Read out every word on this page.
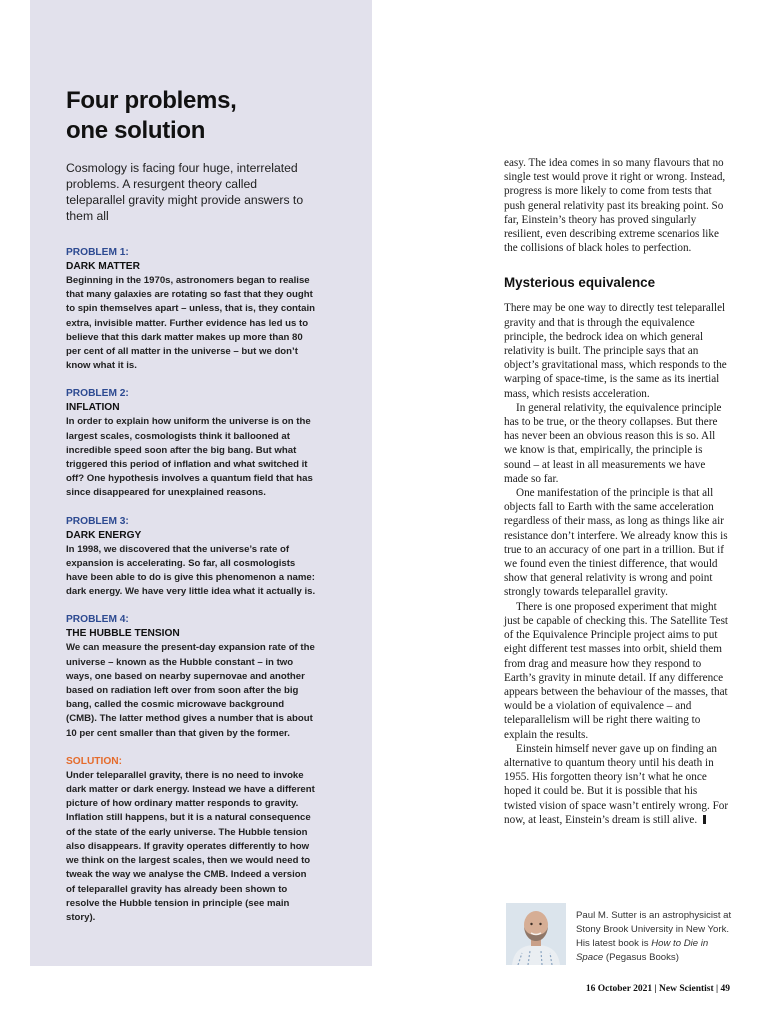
Four problems,
one solution

Cosmology is facing four huge, interrelated problems. A resurgent theory called teleparallel gravity might provide answers to them all

PROBLEM 1:
DARK MATTER
Beginning in the 1970s, astronomers began to realise that many galaxies are rotating so fast that they ought to spin themselves apart – unless, that is, they contain extra, invisible matter. Further evidence has led us to believe that this dark matter makes up more than 80 per cent of all matter in the universe – but we don’t know what it is.
PROBLEM 2:
INFLATION
In order to explain how uniform the universe is on the largest scales, cosmologists think it ballooned at incredible speed soon after the big bang. But what triggered this period of inflation and what switched it off? One hypothesis involves a quantum field that has since disappeared for unexplained reasons.
PROBLEM 3:
DARK ENERGY
In 1998, we discovered that the universe’s rate of expansion is accelerating. So far, all cosmologists have been able to do is give this phenomenon a name: dark energy. We have very little idea what it actually is.
PROBLEM 4:
THE HUBBLE TENSION
We can measure the present-day expansion rate of the universe – known as the Hubble constant – in two ways, one based on nearby supernovae and another based on radiation left over from soon after the big bang, called the cosmic microwave background (CMB). The latter method gives a number that is about 10 per cent smaller than that given by the former.
SOLUTION:
Under teleparallel gravity, there is no need to invoke dark matter or dark energy. Instead we have a different picture of how ordinary matter responds to gravity. Inflation still happens, but it is a natural consequence of the state of the early universe. The Hubble tension also disappears. If gravity operates differently to how we think on the largest scales, then we would need to tweak the way we analyse the CMB. Indeed a version of teleparallel gravity has already been shown to resolve the Hubble tension in principle (see main story).

easy. The idea comes in so many flavours that no single test would prove it right or wrong. Instead, progress is more likely to come from tests that push general relativity past its breaking point. So far, Einstein’s theory has proved singularly resilient, even describing extreme scenarios like the collisions of black holes to perfection.

Mysterious equivalence

There may be one way to directly test teleparallel gravity and that is through the equivalence principle, the bedrock idea on which general relativity is built. The principle says that an object’s gravitational mass, which responds to the warping of space-time, is the same as its inertial mass, which resists acceleration.

In general relativity, the equivalence principle has to be true, or the theory collapses. But there has never been an obvious reason this is so. All we know is that, empirically, the principle is sound – at least in all measurements we have made so far.

One manifestation of the principle is that all objects fall to Earth with the same acceleration regardless of their mass, as long as things like air resistance don’t interfere. We already know this is true to an accuracy of one part in a trillion. But if we found even the tiniest difference, that would show that general relativity is wrong and point strongly towards teleparallel gravity.

There is one proposed experiment that might just be capable of checking this. The Satellite Test of the Equivalence Principle project aims to put eight different test masses into orbit, shield them from drag and measure how they respond to Earth’s gravity in minute detail. If any difference appears between the behaviour of the masses, that would be a violation of equivalence – and teleparallelism will be right there waiting to explain the results.

Einstein himself never gave up on finding an alternative to quantum theory until his death in 1955. His forgotten theory isn’t what he once hoped it could be. But it is possible that his twisted vision of space wasn’t entirely wrong. For now, at least, Einstein’s dream is still alive.

Paul M. Sutter is an astrophysicist at Stony Brook University in New York. His latest book is How to Die in Space (Pegasus Books)
16 October 2021 | New Scientist | 49
